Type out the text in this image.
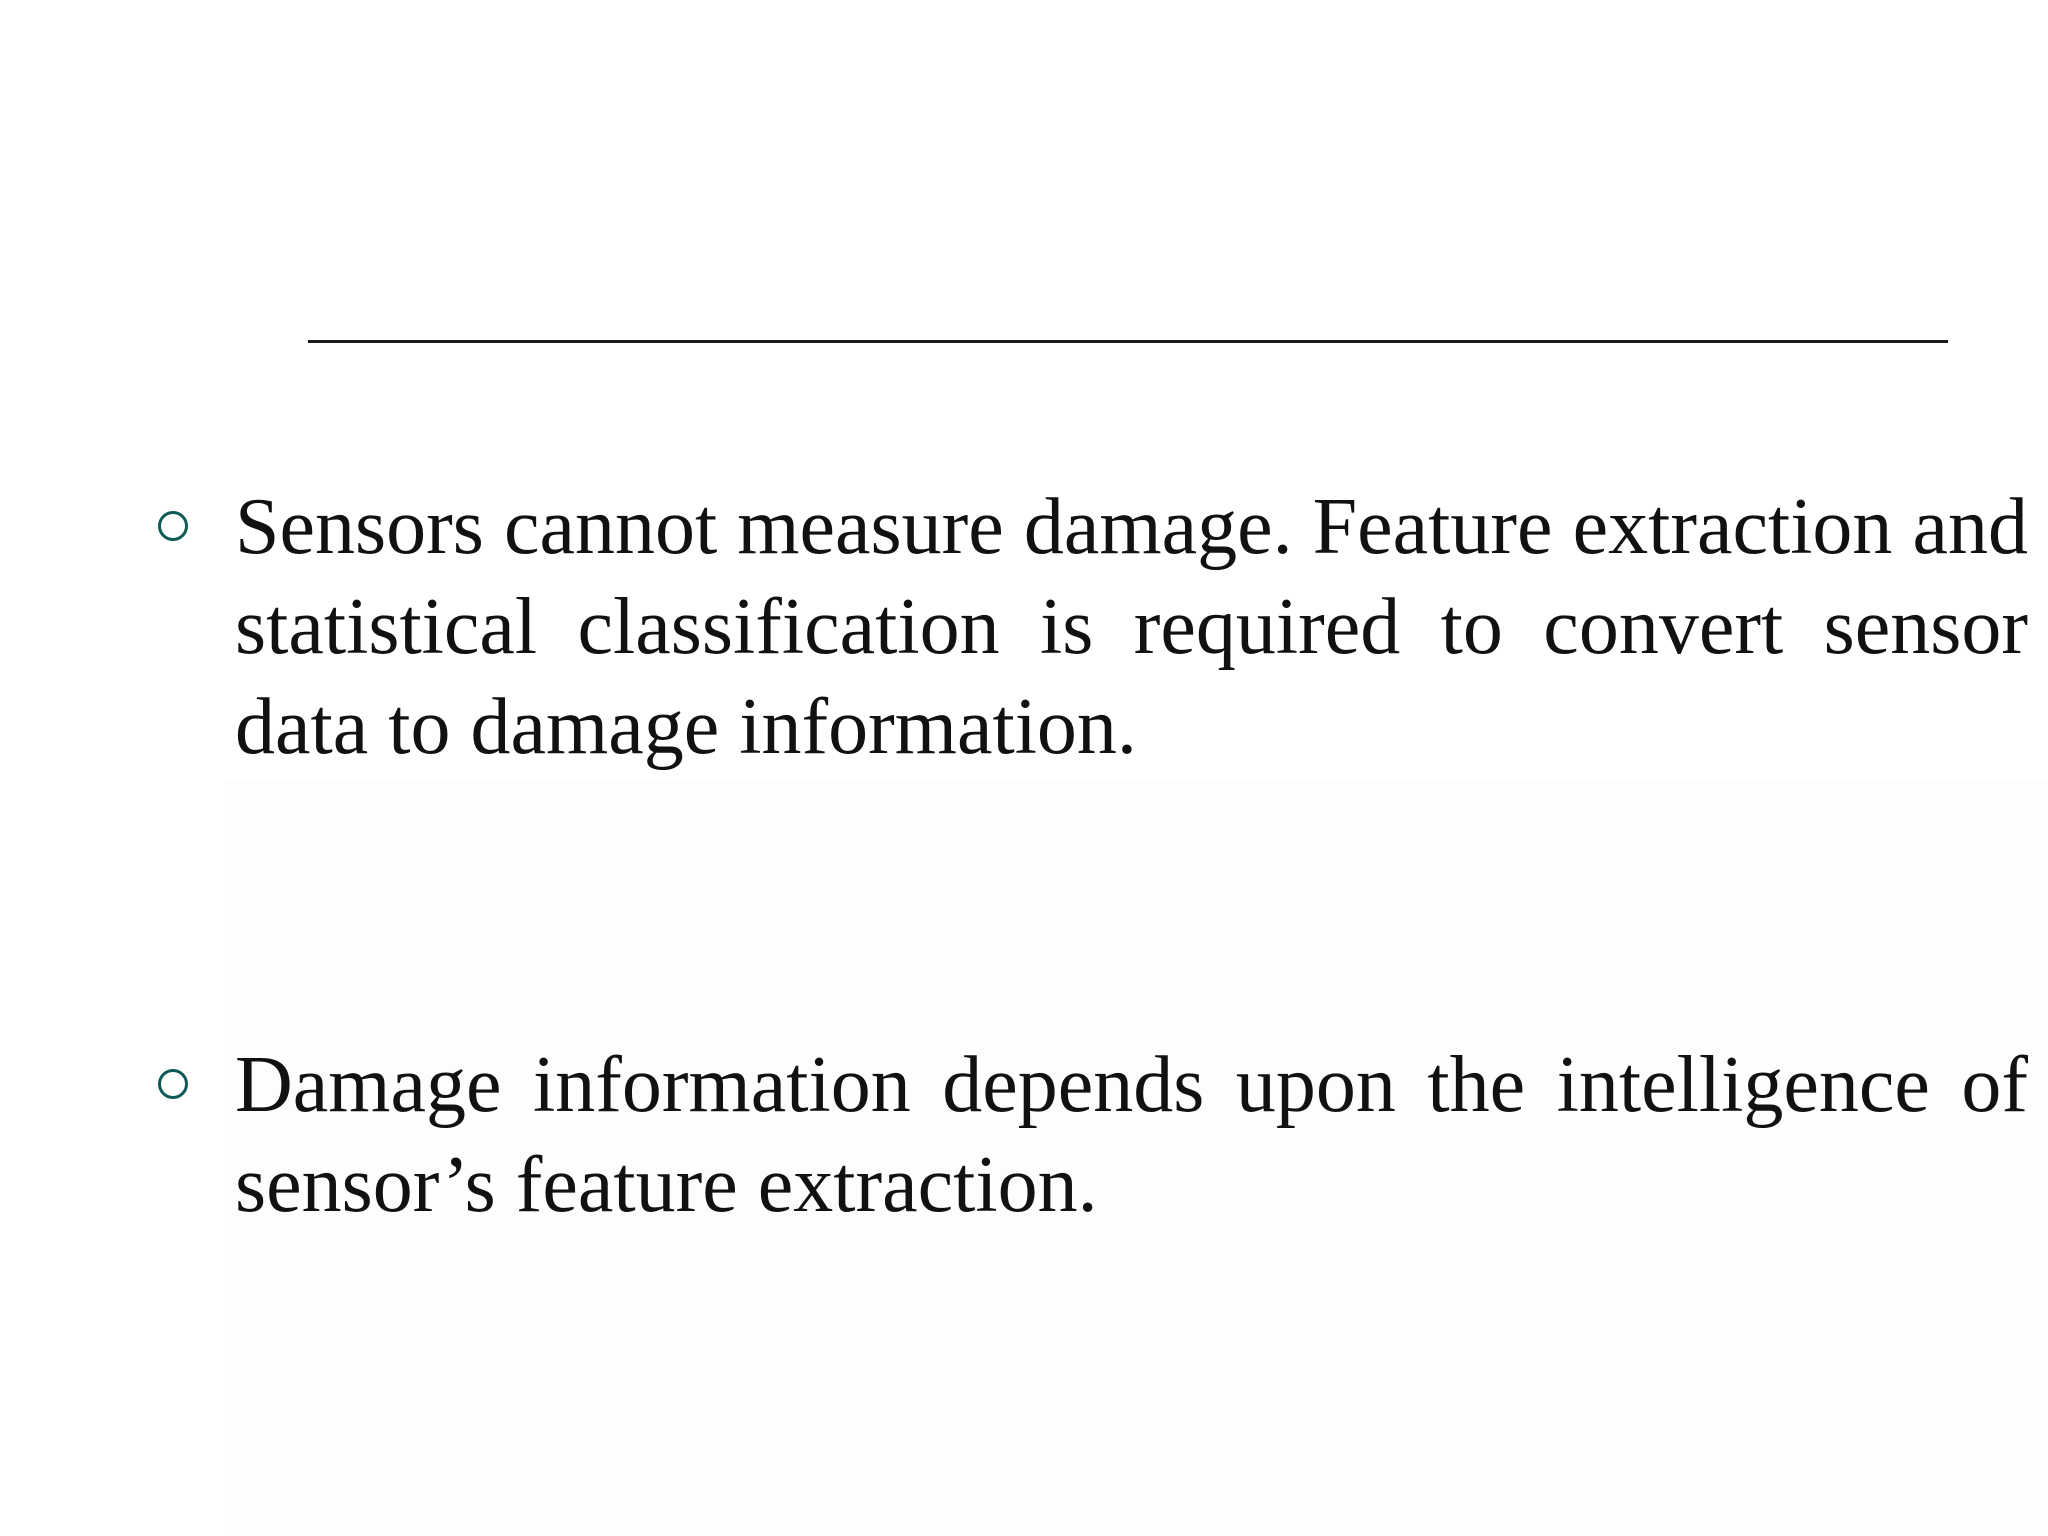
Sensors cannot measure damage. Feature extraction and statistical classification is required to convert sensor data to damage information.

Damage information depends upon the intelligence of sensor’s feature extraction.
